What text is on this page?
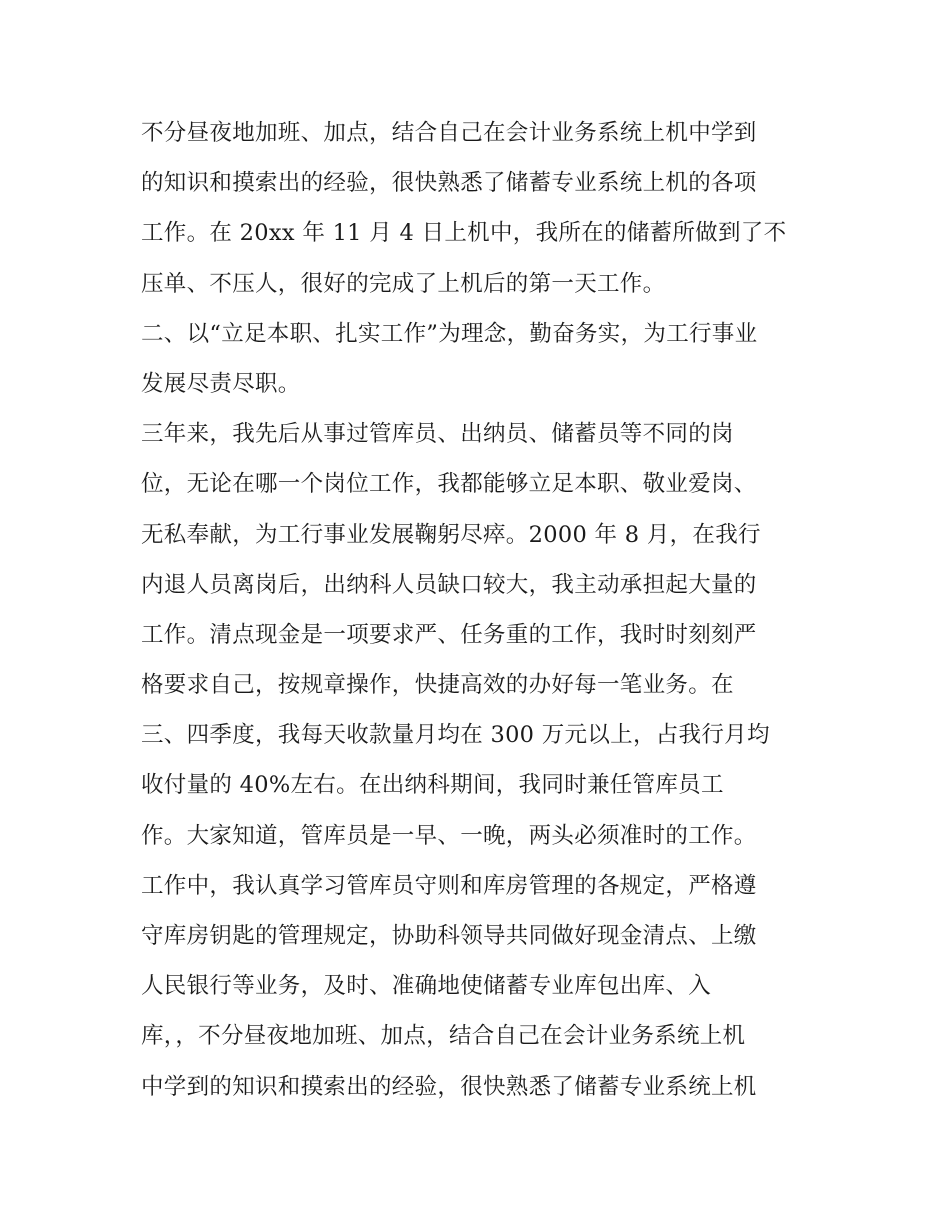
不分昼夜地加班、加点，结合自己在会计业务系统上机中学到
的知识和摸索出的经验，很快熟悉了储蓄专业系统上机的各项
工作。在 20xx 年 11 月 4 日上机中，我所在的储蓄所做到了不
压单、不压人，很好的完成了上机后的第一天工作。
二、以“立足本职、扎实工作”为理念，勤奋务实，为工行事业
发展尽责尽职。
三年来，我先后从事过管库员、出纳员、储蓄员等不同的岗
位，无论在哪一个岗位工作，我都能够立足本职、敬业爱岗、
无私奉献，为工行事业发展鞠躬尽瘁。2000 年 8 月，在我行
内退人员离岗后，出纳科人员缺口较大，我主动承担起大量的
工作。清点现金是一项要求严、任务重的工作，我时时刻刻严
格要求自己，按规章操作，快捷高效的办好每一笔业务。在
三、四季度，我每天收款量月均在 300 万元以上，占我行月均
收付量的 40%左右。在出纳科期间，我同时兼任管库员工
作。大家知道，管库员是一早、一晚，两头必须准时的工作。
工作中，我认真学习管库员守则和库房管理的各规定，严格遵
守库房钥匙的管理规定，协助科领导共同做好现金清点、上缴
人民银行等业务，及时、准确地使储蓄专业库包出库、入
库，，不分昼夜地加班、加点，结合自己在会计业务系统上机
中学到的知识和摸索出的经验，很快熟悉了储蓄专业系统上机
